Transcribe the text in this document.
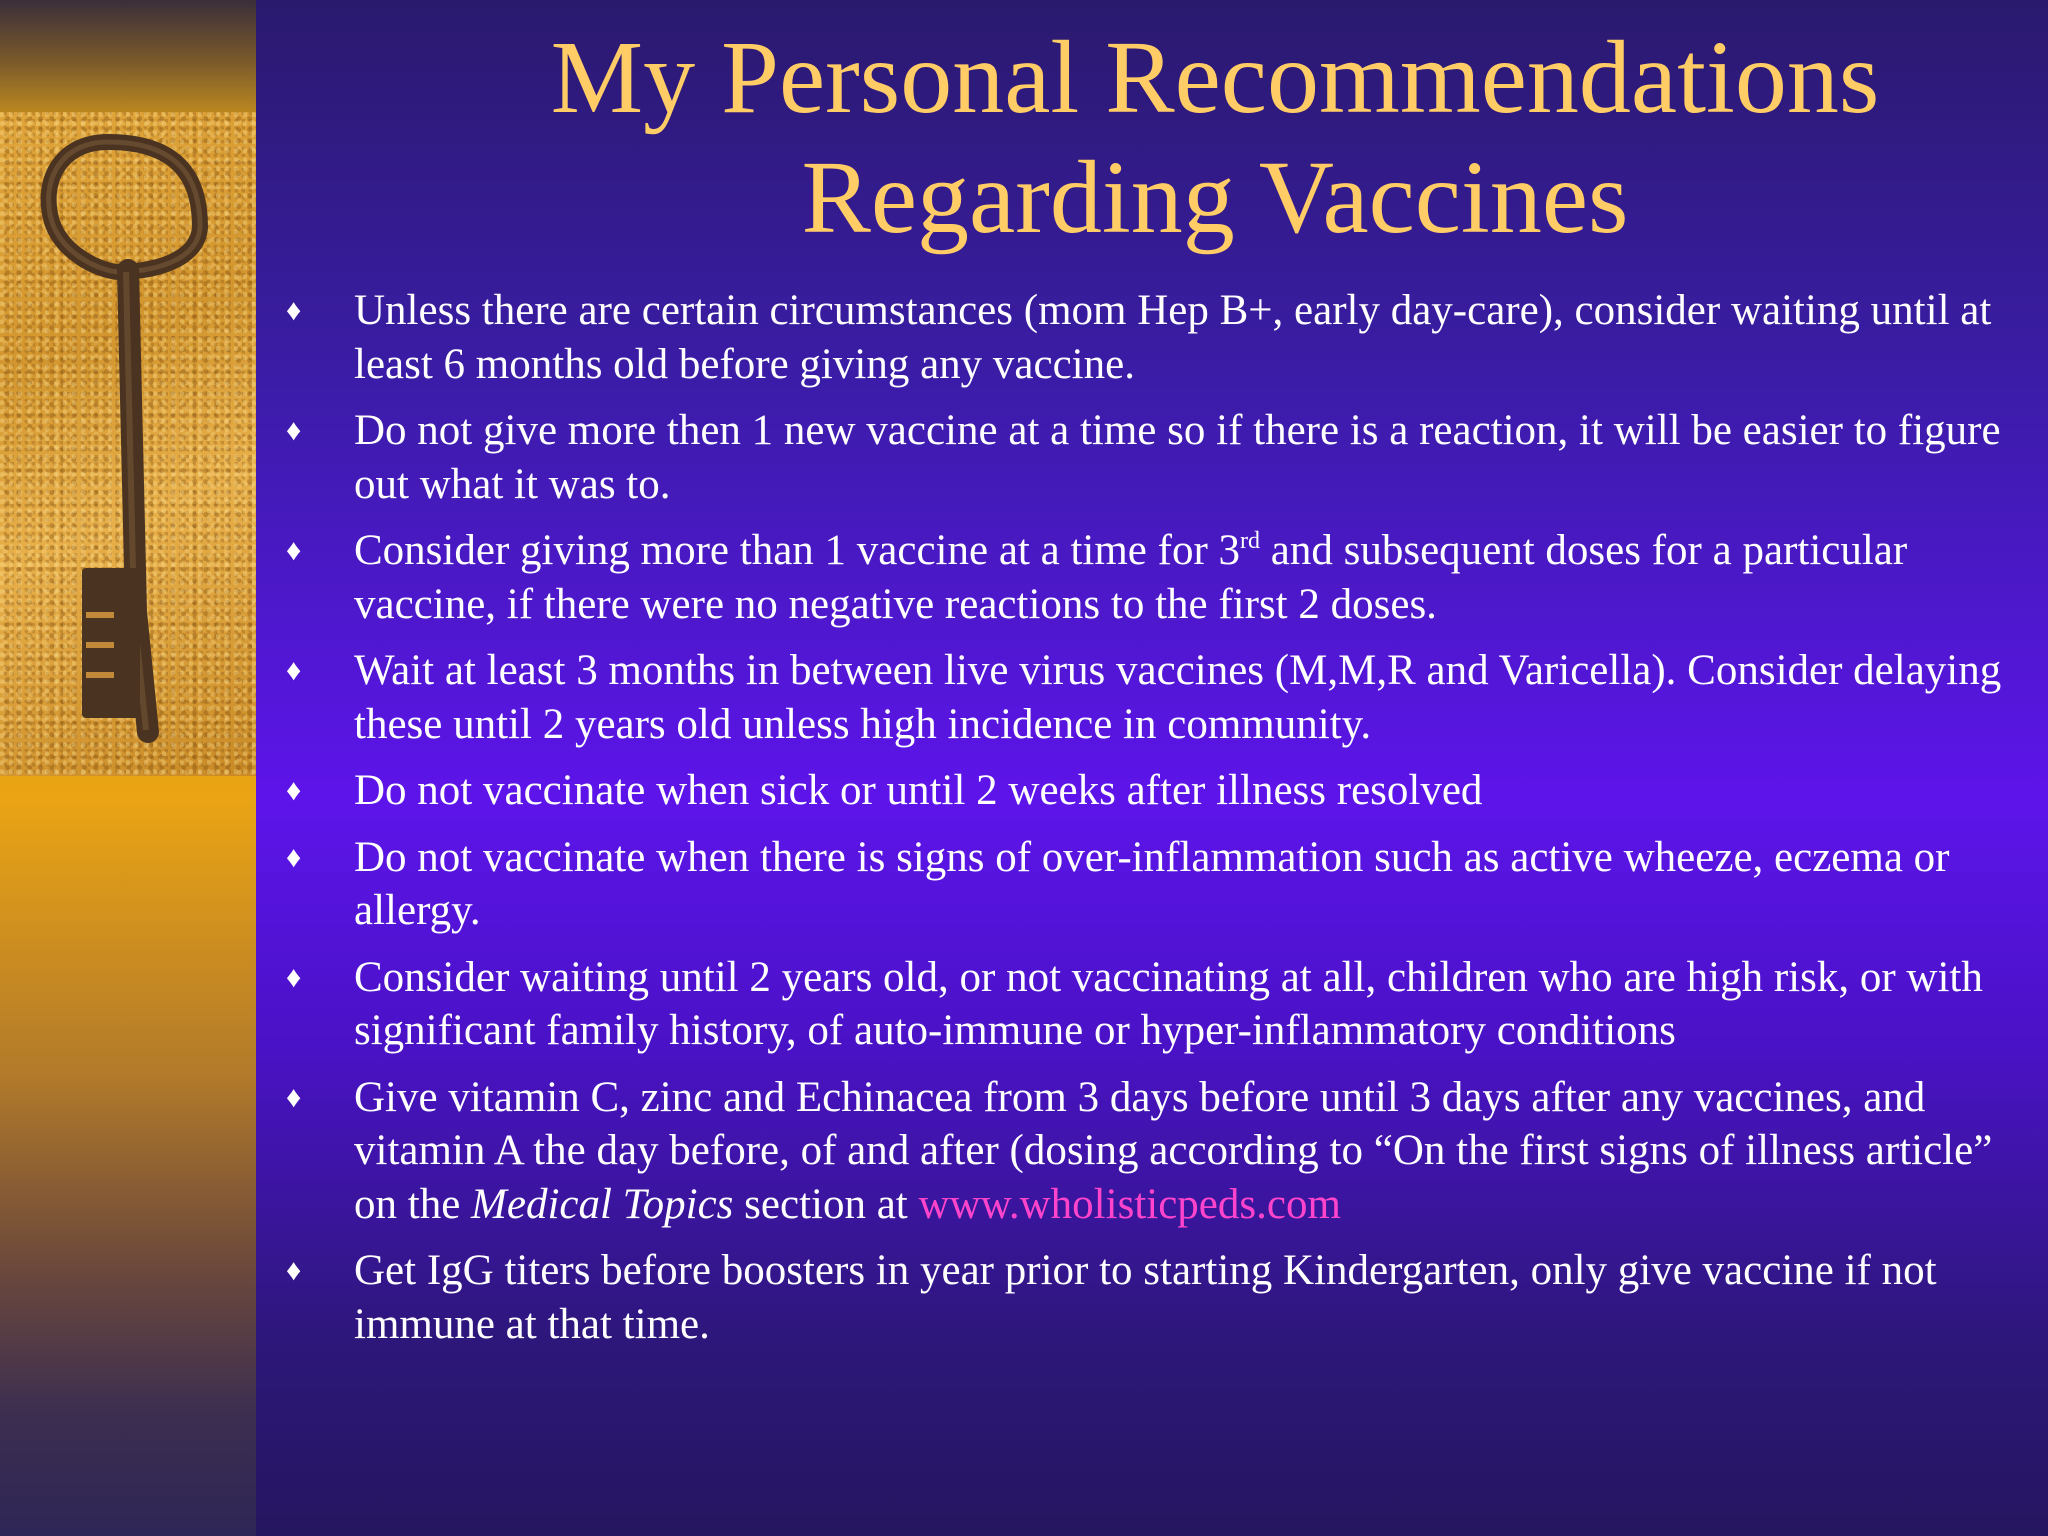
My Personal Recommendations
Regarding Vaccines
♦ Unless there are certain circumstances (mom Hep B+, early day-care), consider waiting until at least 6 months old before giving any vaccine.
♦ Do not give more then 1 new vaccine at a time so if there is a reaction, it will be easier to figure out what it was to.
♦ Consider giving more than 1 vaccine at a time for 3rd and subsequent doses for a particular vaccine, if there were no negative reactions to the first 2 doses.
♦ Wait at least 3 months in between live virus vaccines (M,M,R and Varicella). Consider delaying these until 2 years old unless high incidence in community.
♦ Do not vaccinate when sick or until 2 weeks after illness resolved
♦ Do not vaccinate when there is signs of over-inflammation such as active wheeze, eczema or allergy.
♦ Consider waiting until 2 years old, or not vaccinating at all, children who are high risk, or with significant family history, of auto-immune or hyper-inflammatory conditions
♦ Give vitamin C, zinc and Echinacea from 3 days before until 3 days after any vaccines, and vitamin A the day before, of and after (dosing according to “On the first signs of illness article” on the Medical Topics section at www.wholisticpeds.com
♦ Get IgG titers before boosters in year prior to starting Kindergarten, only give vaccine if not immune at that time.
